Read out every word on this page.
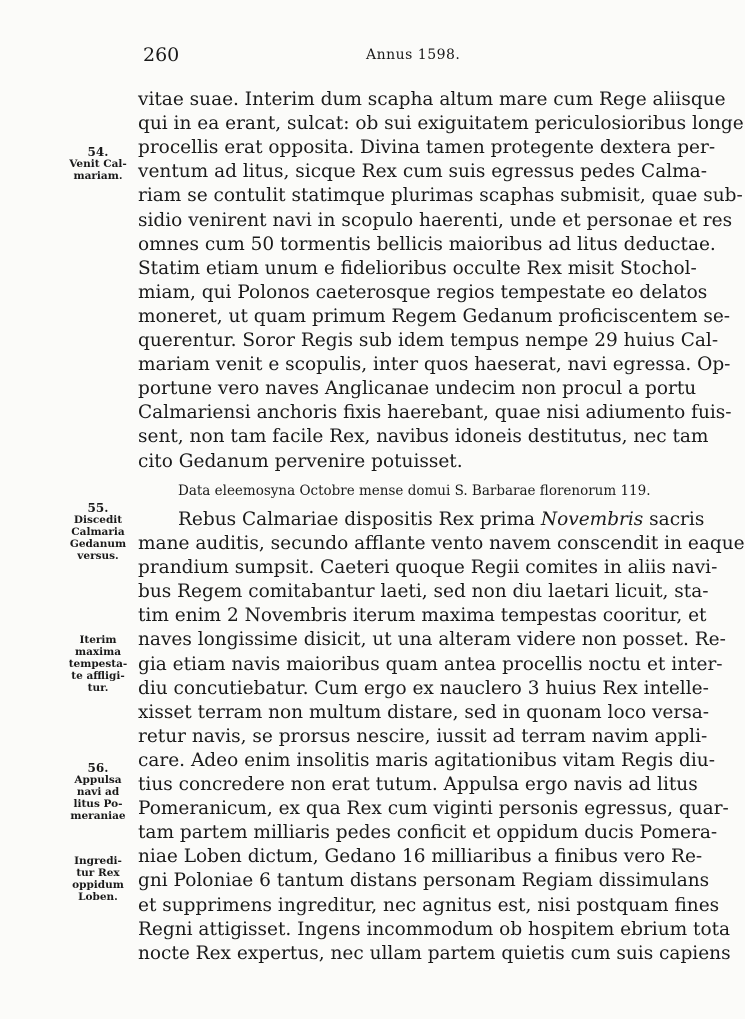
260	Annus 1598.
vitae suae. Interim dum scapha altum mare cum Rege aliisque
qui in ea erant, sulcat: ob sui exiguitatem periculosioribus longe
procellis erat opposita. Divina tamen protegente dextera per-
ventum ad litus, sicque Rex cum suis egressus pedes Calma-
riam se contulit statimque plurimas scaphas submisit, quae sub-
sidio venirent navi in scopulo haerenti, unde et personae et res
omnes cum 50 tormentis bellicis maioribus ad litus deductae.
Statim etiam unum e fidelioribus occulte Rex misit Stochol-
miam, qui Polonos caeterosque regios tempestate eo delatos
moneret, ut quam primum Regem Gedanum proficiscentem se-
querentur. Soror Regis sub idem tempus nempe 29 huius Cal-
mariam venit e scopulis, inter quos haeserat, navi egressa. Op-
portune vero naves Anglicanae undecim non procul a portu
Calmariensi anchoris fixis haerebant, quae nisi adiumento fuis-
sent, non tam facile Rex, navibus idoneis destitutus, nec tam
cito Gedanum pervenire potuisset.
Data eleemosyna Octobre mense domui S. Barbarae florenorum 119.
Rebus Calmariae dispositis Rex prima Novembris sacris
mane auditis, secundo afflante vento navem conscendit in eaque
prandium sumpsit. Caeteri quoque Regii comites in aliis navi-
bus Regem comitabantur laeti, sed non diu laetari licuit, sta-
tim enim 2 Novembris iterum maxima tempestas cooritur, et
naves longissime disicit, ut una alteram videre non posset. Re-
gia etiam navis maioribus quam antea procellis noctu et inter-
diu concutiebatur. Cum ergo ex nauclero 3 huius Rex intelle-
xisset terram non multum distare, sed in quonam loco versa-
retur navis, se prorsus nescire, iussit ad terram navim appli-
care. Adeo enim insolitis maris agitationibus vitam Regis diu-
tius concredere non erat tutum. Appulsa ergo navis ad litus
Pomeranicum, ex qua Rex cum viginti personis egressus, quar-
tam partem milliaris pedes conficit et oppidum ducis Pomera-
niae Loben dictum, Gedano 16 milliaribus a finibus vero Re-
gni Poloniae 6 tantum distans personam Regiam dissimulans
et supprimens ingreditur, nec agnitus est, nisi postquam fines
Regni attigisset. Ingens incommodum ob hospitem ebrium tota
nocte Rex expertus, nec ullam partem quietis cum suis capiens
54.
Venit Cal-
mariam.
55.
Discedit
Calmaria
Gedanum
versus.
Iterim
maxima
tempesta-
te affligi-
tur.
56.
Appulsa
navi ad
litus Po-
meraniae
Ingredi-
tur Rex
oppidum
Loben.
